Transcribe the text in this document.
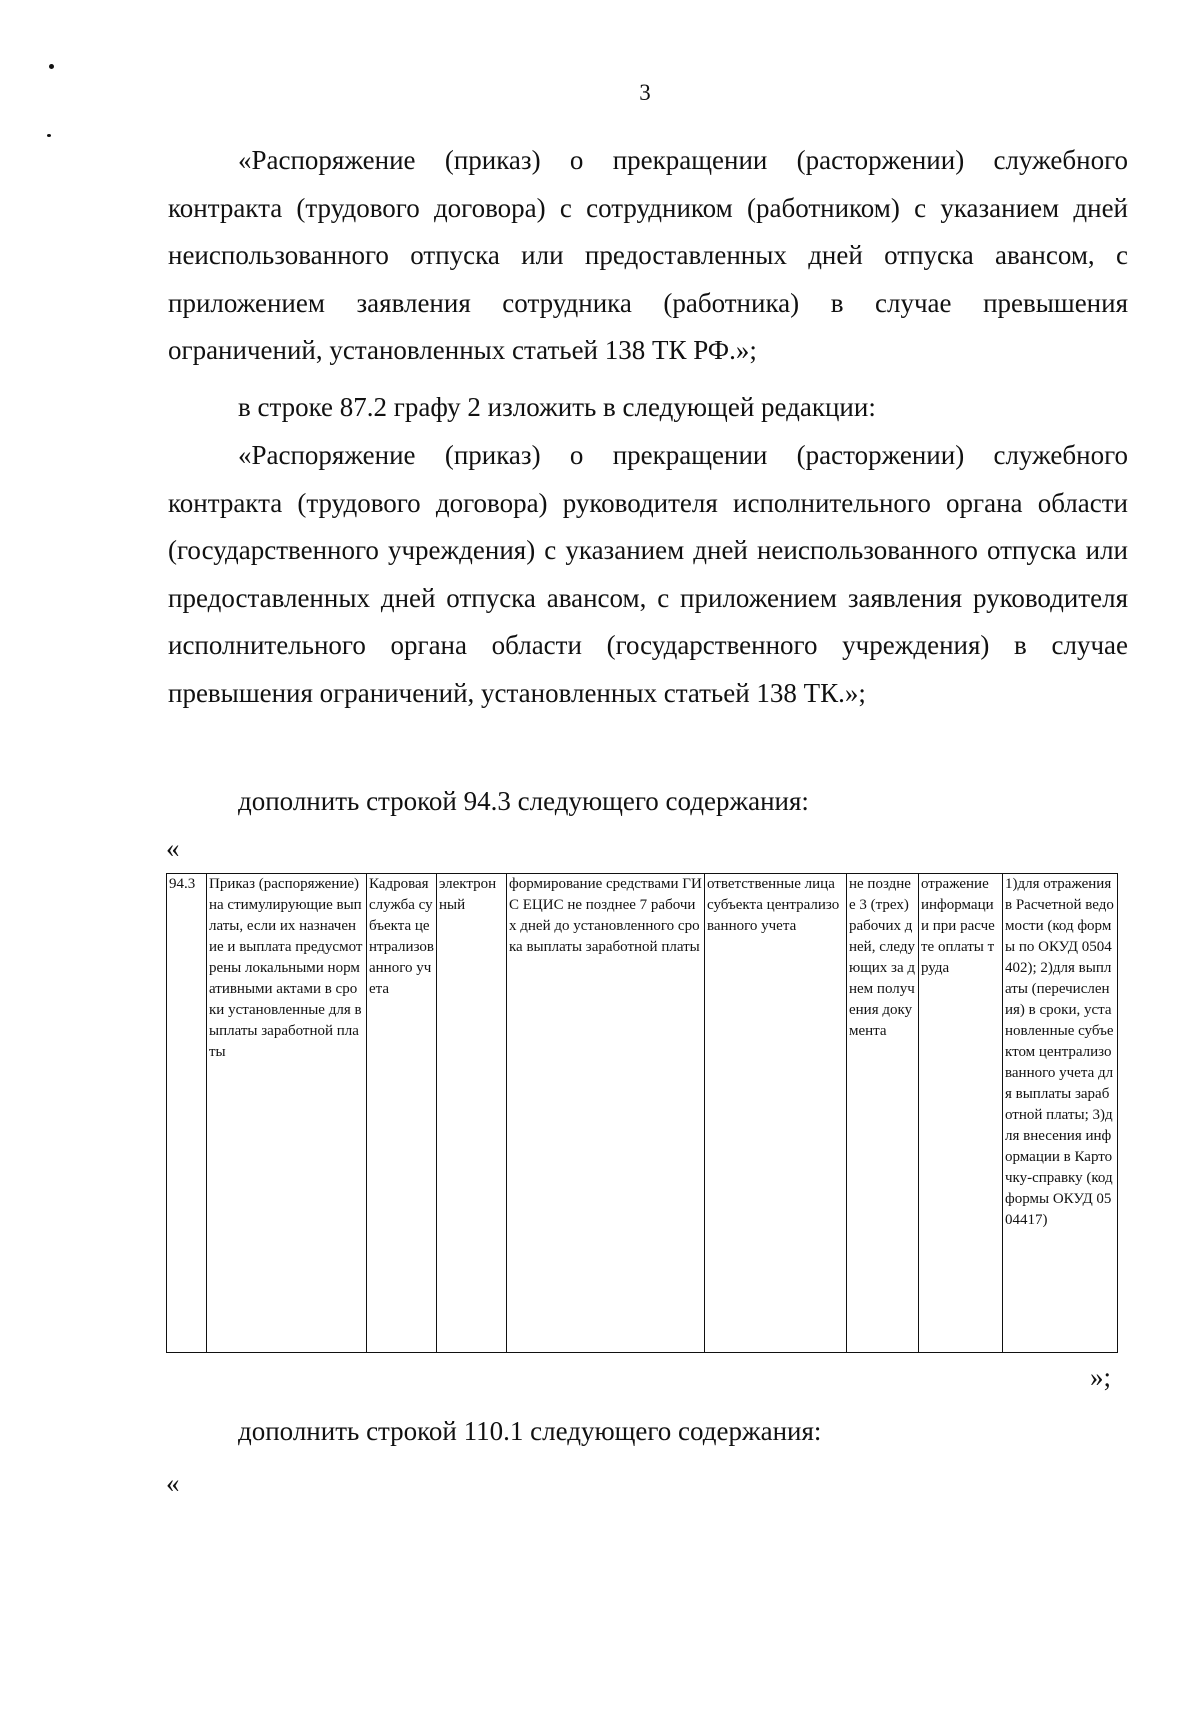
3

«Распоряжение (приказ) о прекращении (расторжении) служебного контракта (трудового договора) с сотрудником (работником) с указанием дней неиспользованного отпуска или предоставленных дней отпуска авансом, с приложением заявления сотрудника (работника) в случае превышения ограничений, установленных статьей 138 ТК РФ.»;

в строке 87.2 графу 2 изложить в следующей редакции:

«Распоряжение (приказ) о прекращении (расторжении) служебного контракта (трудового договора) руководителя исполнительного органа области (государственного учреждения) с указанием дней неиспользованного отпуска или предоставленных дней отпуска авансом, с приложением заявления руководителя исполнительного органа области (государственного учреждения) в случае превышения ограничений, установленных статьей 138 ТК.»;

дополнить строкой 94.3 следующего содержания:

«
94.3	Приказ (распоряжение) на стимулирующие выплаты, если их назначение и выплата предусмотрены локальными нормативными актами в сроки установленные для выплаты заработной платы	Кадровая служба субъекта централизованного учета	электронный	формирование средствами ГИС ЕЦИС не позднее 7 рабочих дней до установленного срока выплаты заработной платы	ответственные лица субъекта централизованного учета	не позднее 3 (трех) рабочих дней, следующих за днем получения документа	отражение информации при расчете оплаты труда	1)для отражения в Расчетной ведомости (код формы по ОКУД 0504402); 2)для выплаты (перечисления) в сроки, установленные субъектом централизованного учета для выплаты заработной платы; 3)для внесения информации в Карточку-справку (код формы ОКУД 0504417)
»;

дополнить строкой 110.1 следующего содержания:

«
